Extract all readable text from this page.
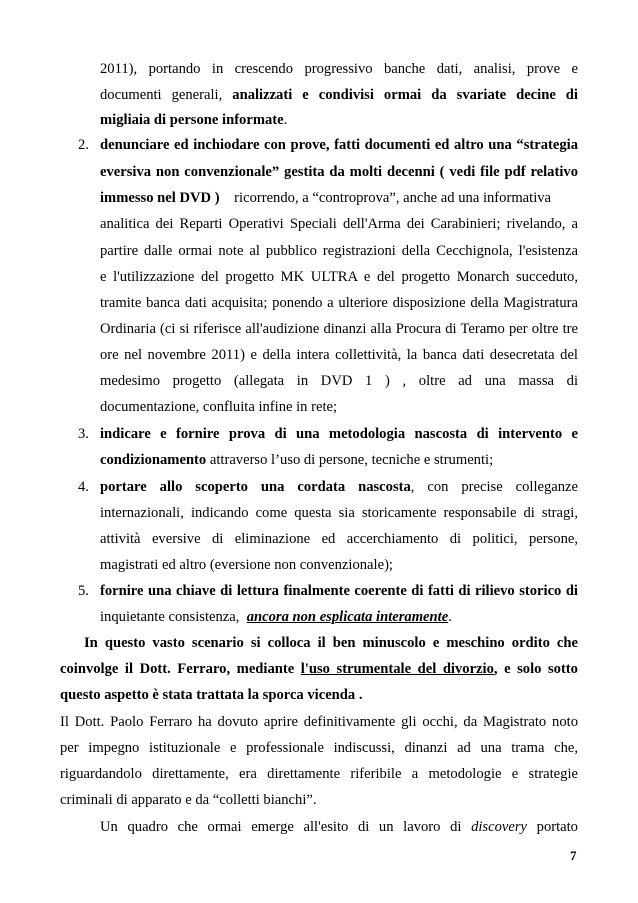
2011), portando in crescendo progressivo banche dati, analisi, prove e
documenti generali, analizzati e condivisi ormai da svariate decine di
migliaia di persone informate.
2. denunciare ed inchiodare con prove, fatti documenti ed altro una “strategia
eversiva non convenzionale” gestita da molti decenni ( vedi file pdf relativo
immesso nel DVD ) ricorrendo, a “controprova”, anche ad una informativa
analitica dei Reparti Operativi Speciali dell'Arma dei Carabinieri; rivelando, a
partire dalle ormai note al pubblico registrazioni della Cecchignola, l'esistenza
e l'utilizzazione del progetto MK ULTRA e del progetto Monarch succeduto,
tramite banca dati acquisita; ponendo a ulteriore disposizione della Magistratura
Ordinaria (ci si riferisce all'audizione dinanzi alla Procura di Teramo per oltre tre
ore nel novembre 2011) e della intera collettività, la banca dati desecretata del
medesimo progetto (allegata in DVD 1 ) , oltre ad una massa di
documentazione, confluita infine in rete;
3. indicare e fornire prova di una metodologia nascosta di intervento e
condizionamento attraverso l’uso di persone, tecniche e strumenti;
4. portare allo scoperto una cordata nascosta, con precise colleganze
internazionali, indicando come questa sia storicamente responsabile di stragi,
attività eversive di eliminazione ed accerchiamento di politici, persone,
magistrati ed altro (eversione non convenzionale);
5. fornire una chiave di lettura finalmente coerente di fatti di rilievo storico di
inquietante consistenza, ancora non esplicata interamente.
In questo vasto scenario si colloca il ben minuscolo e meschino ordito che
coinvolge il Dott. Ferraro, mediante l'uso strumentale del divorzio, e solo sotto
questo aspetto è stata trattata la sporca vicenda .
Il Dott. Paolo Ferraro ha dovuto aprire definitivamente gli occhi, da Magistrato noto
per impegno istituzionale e professionale indiscussi, dinanzi ad una trama che,
riguardandolo direttamente, era direttamente riferibile a metodologie e strategie
criminali di apparato e da “colletti bianchi”.
Un quadro che ormai emerge all'esito di un lavoro di discovery portato
7
